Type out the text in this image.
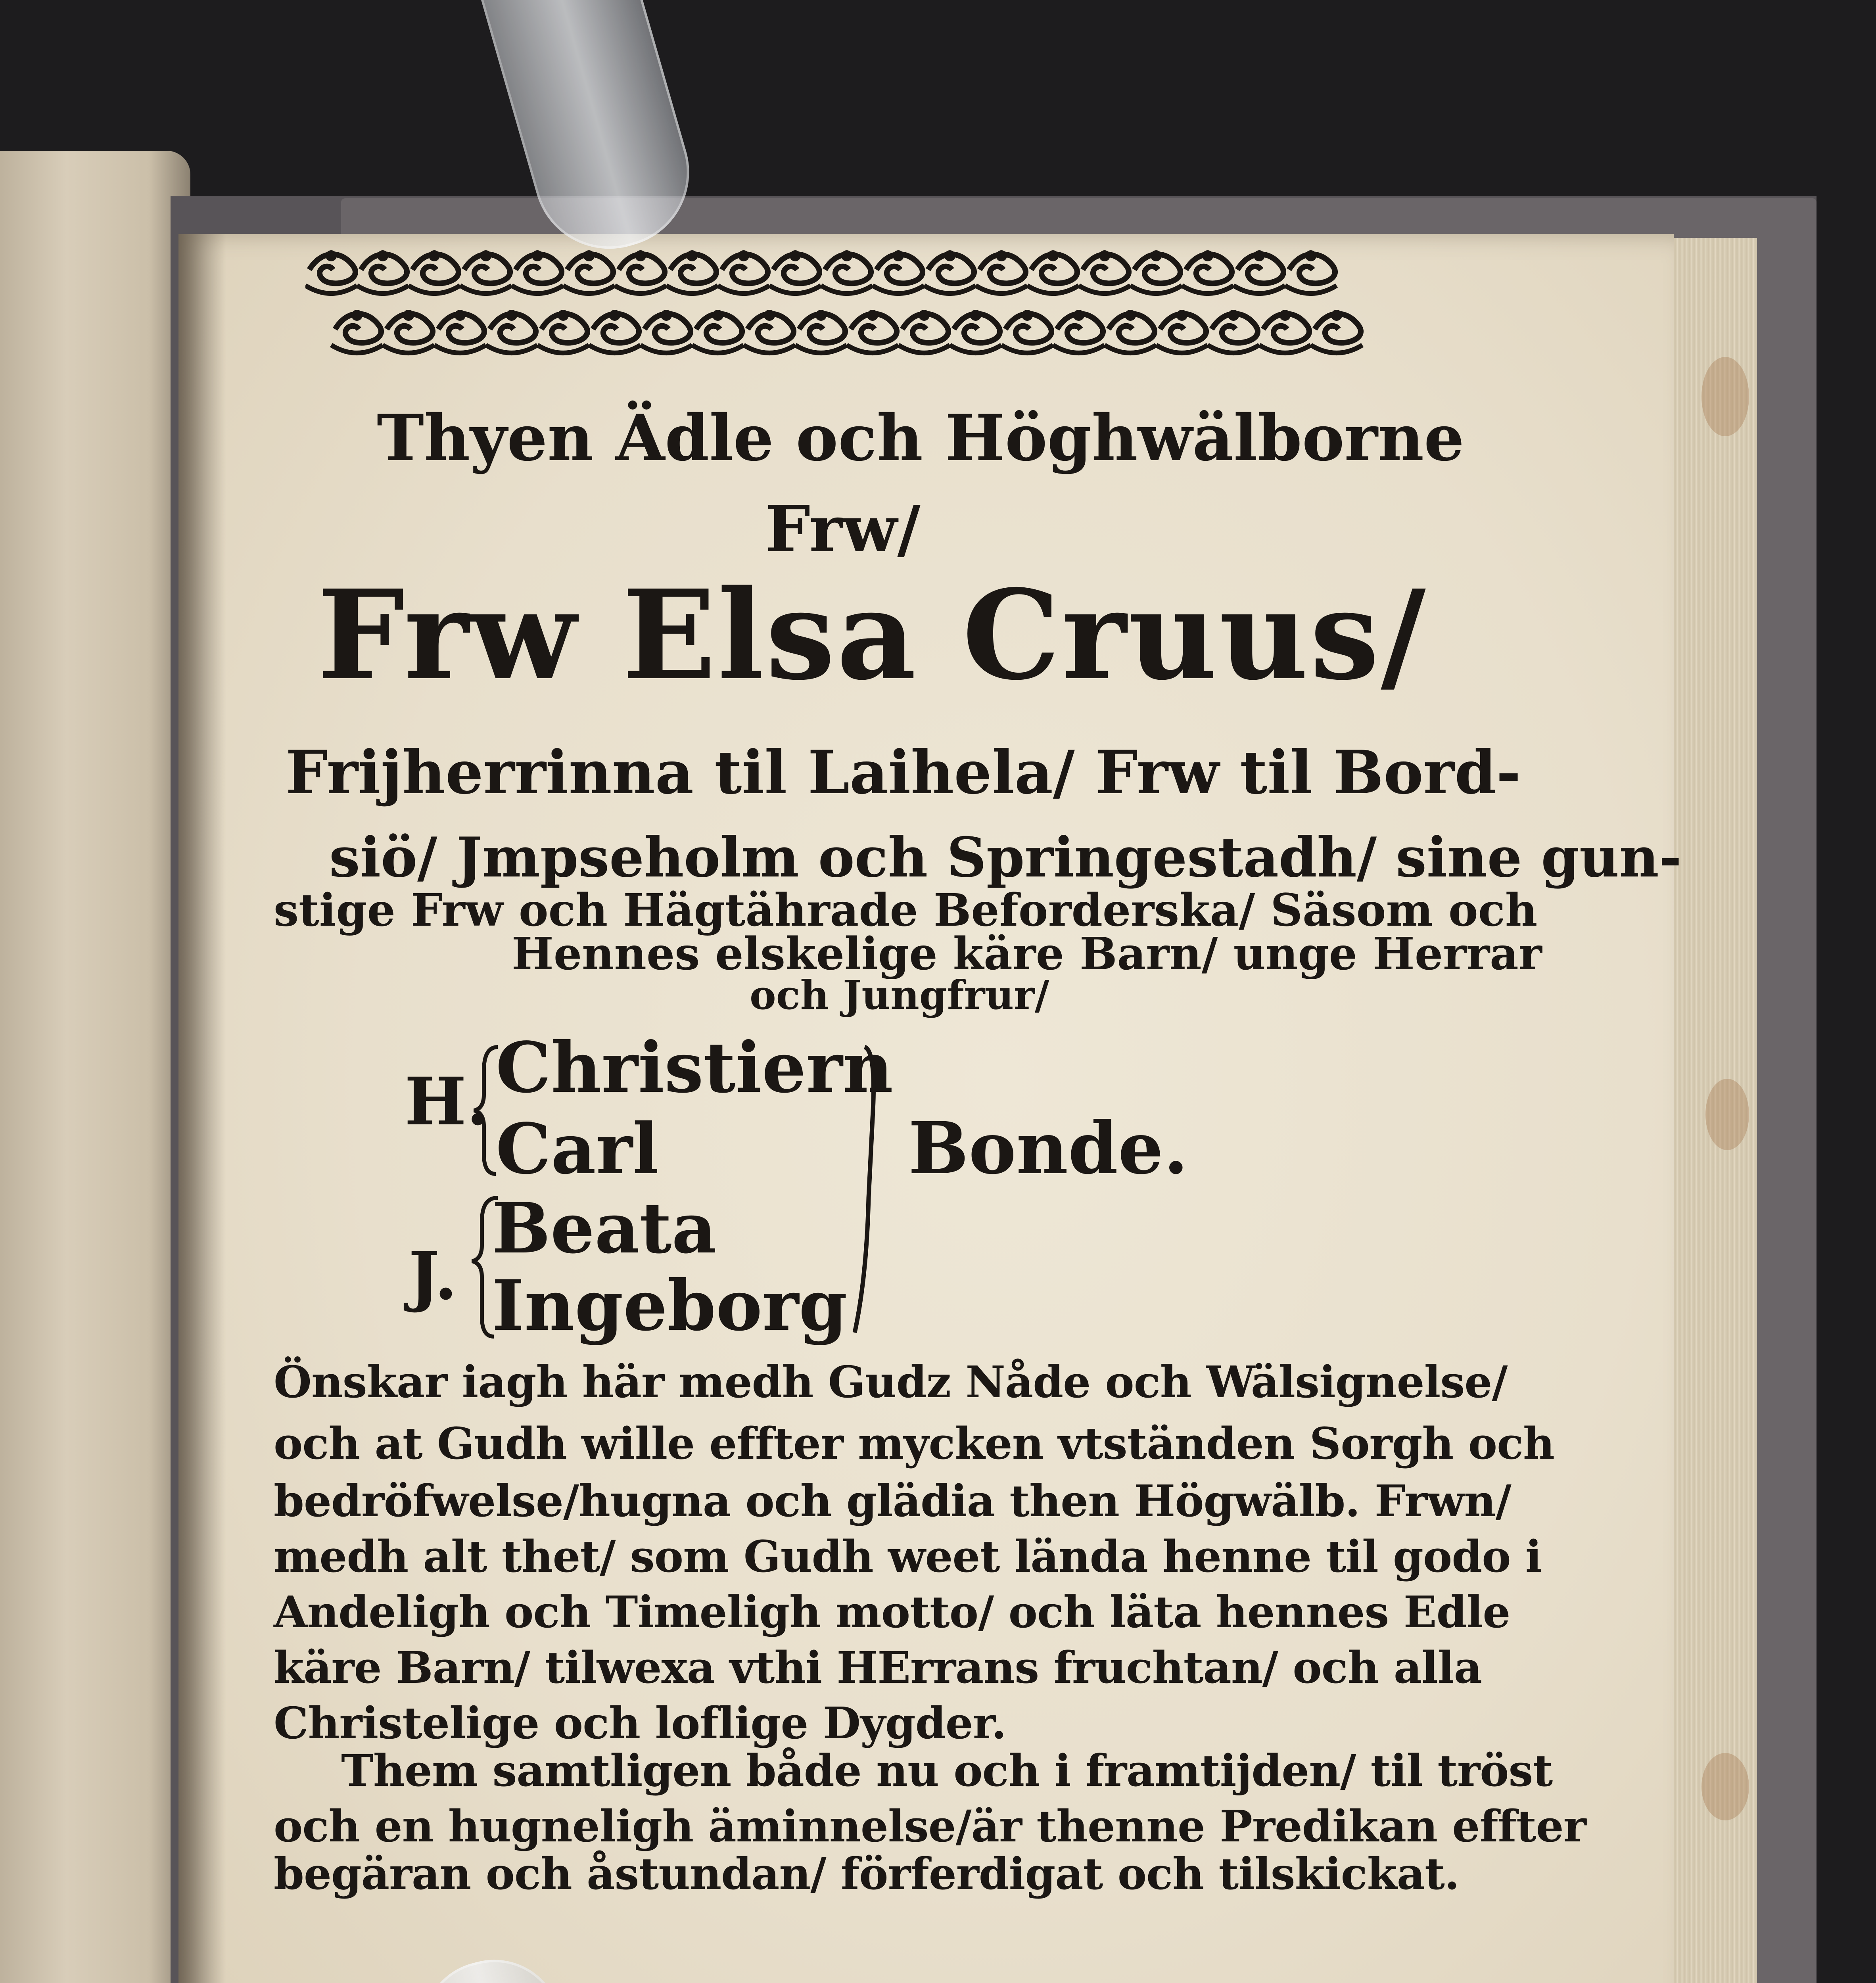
Thyen Ädle och Höghwälborne

Frw/

Frw Elsa Cruus/

Frijherrinna til Laihela/ Frw til Bord-

siö/ Jmpseholm och Springestadh/ sine gun-

stige Frw och Hägtährade Beforderska/ Säsom och

Hennes elskelige käre Barn/ unge Herrar

och Jungfrur/

H.

J.

Christiern

Carl

Beata

Ingeborg

Bonde.

Önskar iagh här medh Gudz Nåde och Wälsignelse/

och at Gudh wille effter mycken vtständen Sorgh och

bedröfwelse/hugna och glädia then Högwälb. Frwn/

medh alt thet/ som Gudh weet lända henne til godo i

Andeligh och Timeligh motto/ och läta hennes Edle

käre Barn/ tilwexa vthi HErrans fruchtan/ och alla

Christelige och loflige Dygder.

Them samtligen både nu och i framtijden/ til tröst

och en hugneligh äminnelse/är thenne Predikan effter

begäran och åstundan/ förferdigat och tilskickat.
